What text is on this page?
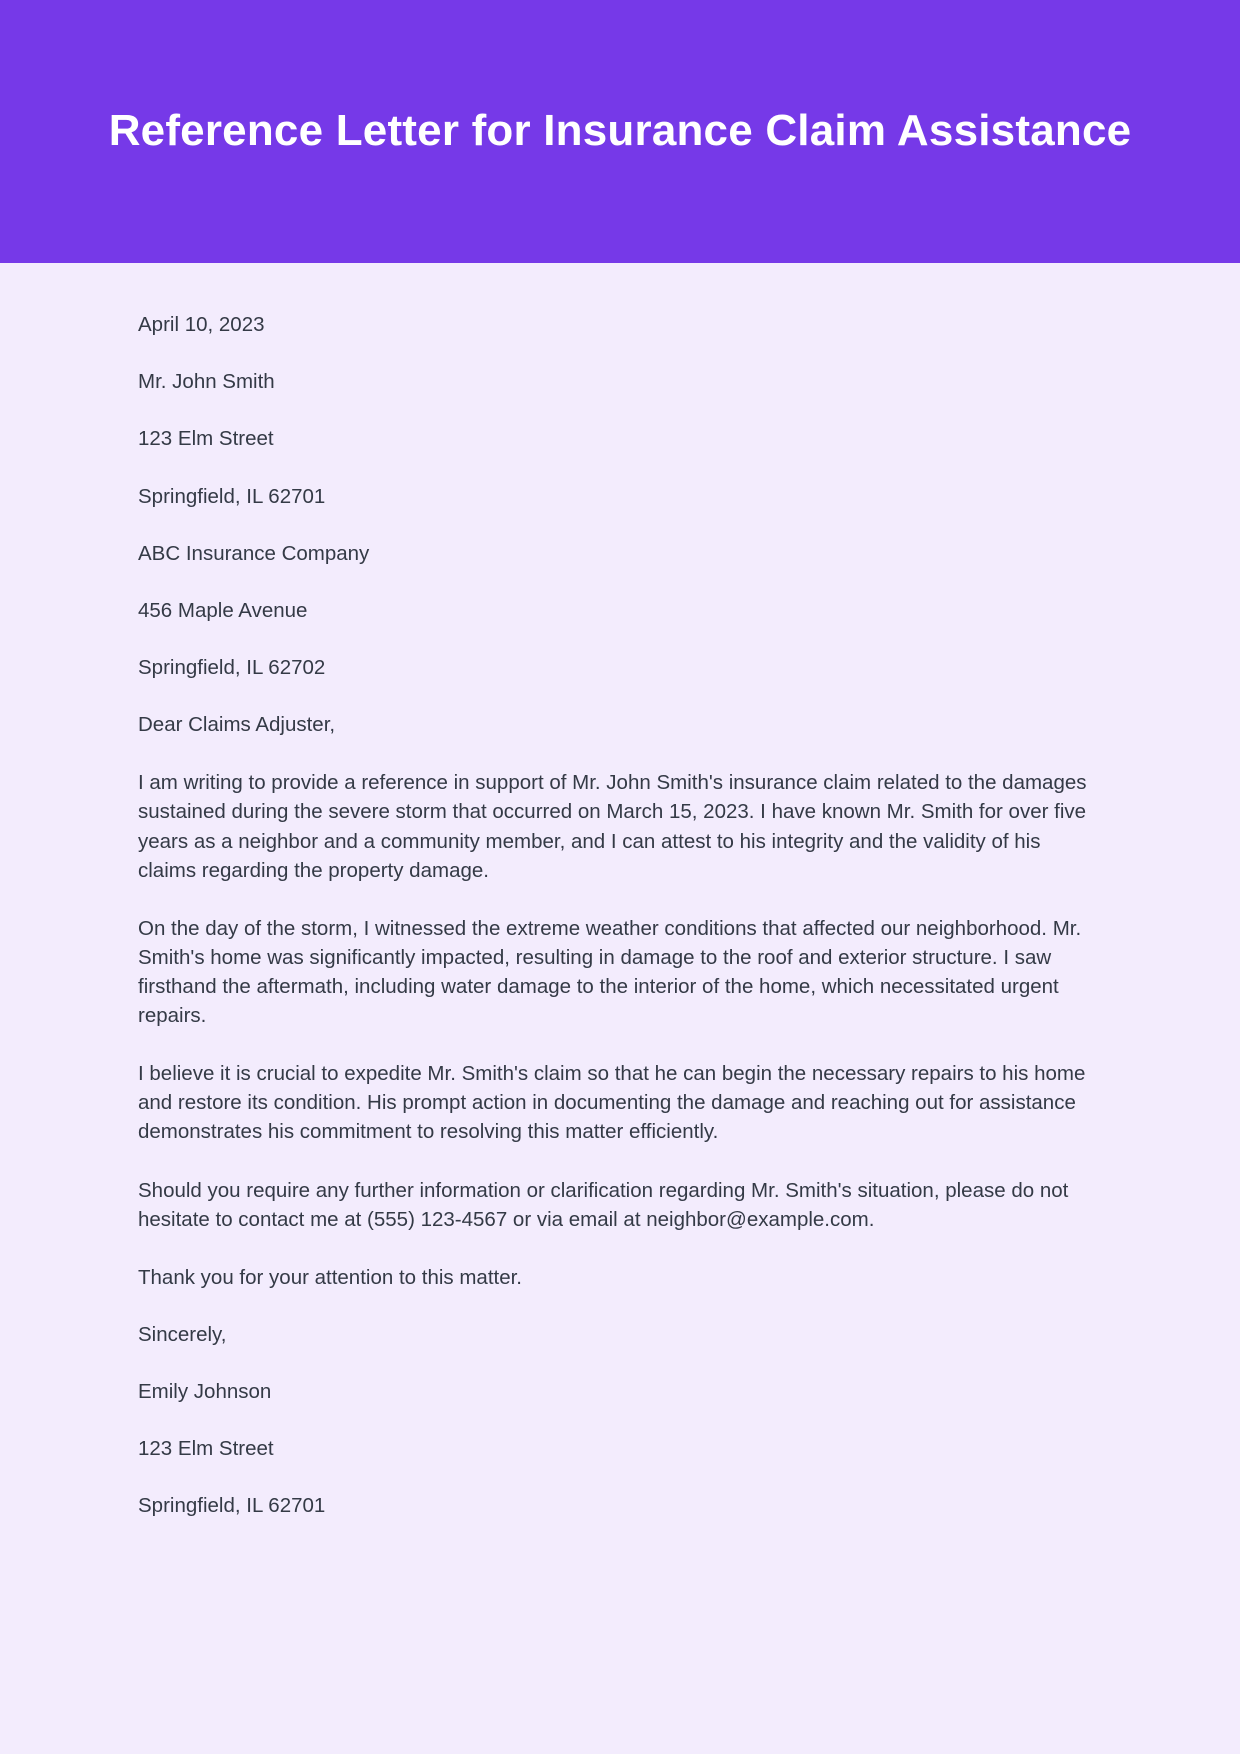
Reference Letter for Insurance Claim Assistance

April 10, 2023

Mr. John Smith

123 Elm Street

Springfield, IL 62701

ABC Insurance Company

456 Maple Avenue

Springfield, IL 62702

Dear Claims Adjuster,

I am writing to provide a reference in support of Mr. John Smith's insurance claim related to the damages sustained during the severe storm that occurred on March 15, 2023. I have known Mr. Smith for over five years as a neighbor and a community member, and I can attest to his integrity and the validity of his claims regarding the property damage.

On the day of the storm, I witnessed the extreme weather conditions that affected our neighborhood. Mr. Smith's home was significantly impacted, resulting in damage to the roof and exterior structure. I saw firsthand the aftermath, including water damage to the interior of the home, which necessitated urgent repairs.

I believe it is crucial to expedite Mr. Smith's claim so that he can begin the necessary repairs to his home and restore its condition. His prompt action in documenting the damage and reaching out for assistance demonstrates his commitment to resolving this matter efficiently.

Should you require any further information or clarification regarding Mr. Smith's situation, please do not hesitate to contact me at (555) 123-4567 or via email at neighbor@example.com.

Thank you for your attention to this matter.

Sincerely,

Emily Johnson

123 Elm Street

Springfield, IL 62701
